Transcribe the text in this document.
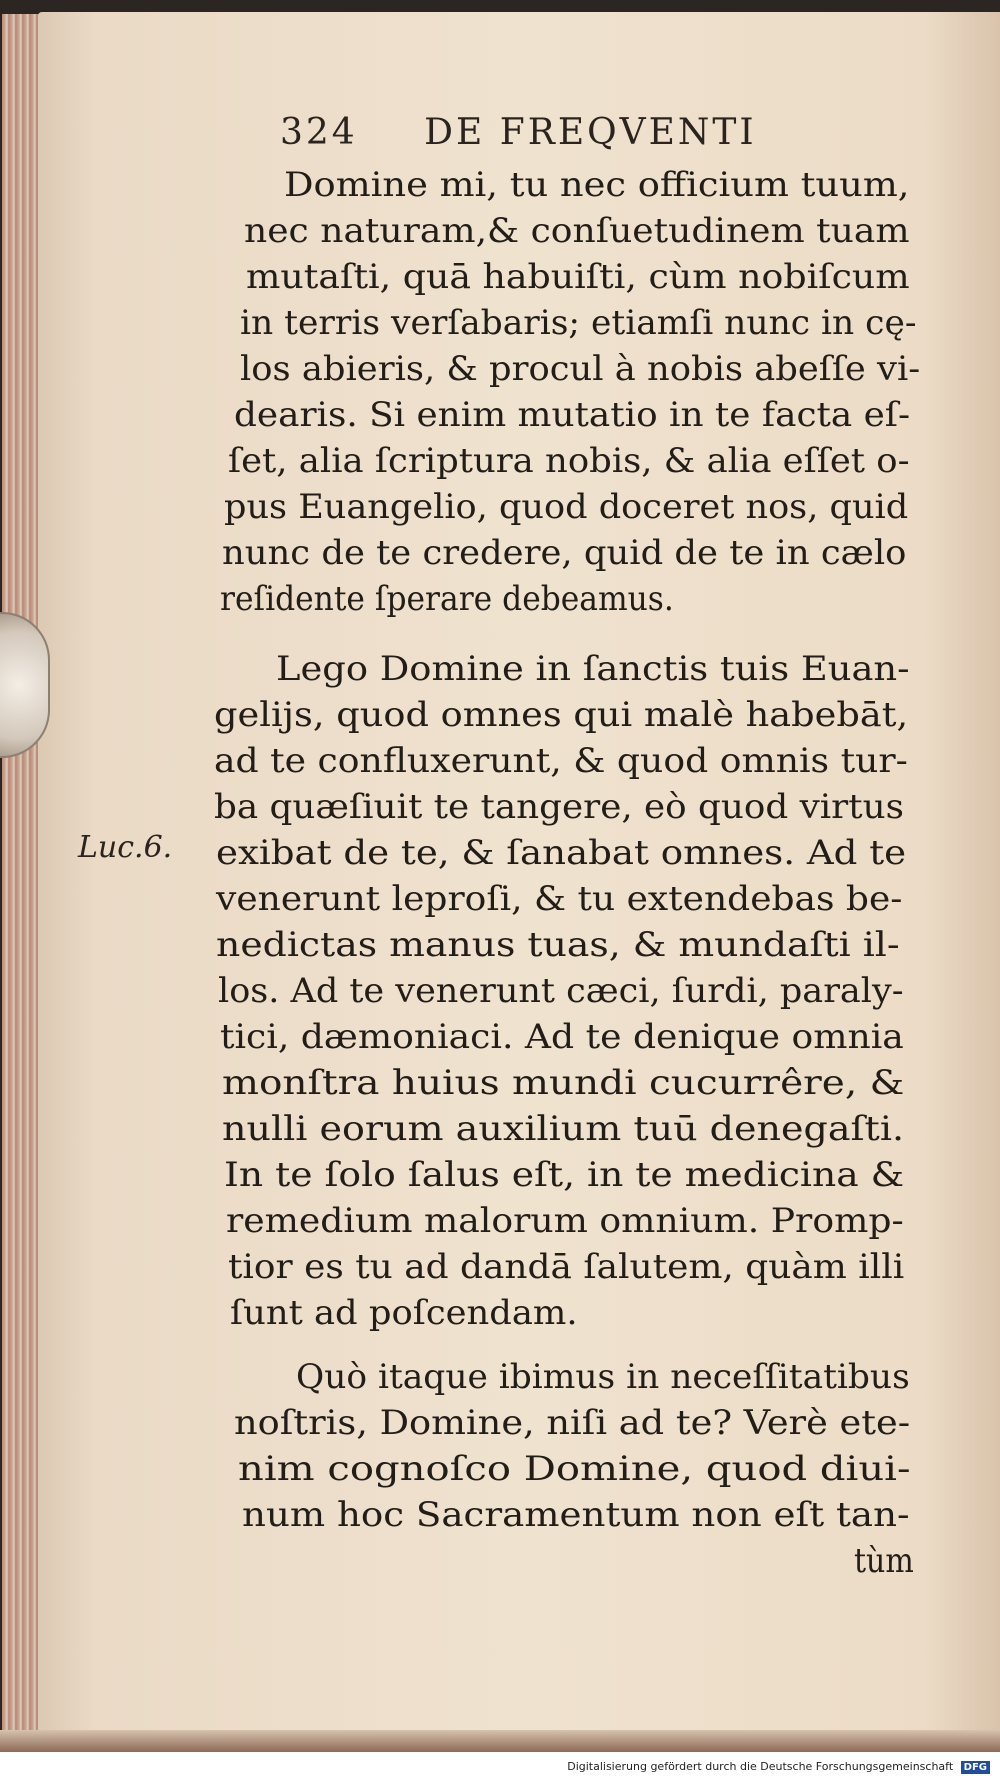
324 DE FREQVENTI
Luc.6.
Domine mi, tu nec officium tuum,
nec naturam,& conſuetudinem tuam
mutaſti, quā habuiſti, cùm nobiſcum
in terris verſabaris; etiamſi nunc in cę-
los abieris, & procul à nobis abeſſe vi-
dearis. Si enim mutatio in te facta eſ-
ſet, alia ſcriptura nobis, & alia eſſet o-
pus Euangelio, quod doceret nos, quid
nunc de te credere, quid de te in cælo
reſidente ſperare debeamus.
Lego Domine in ſanctis tuis Euan-
gelijs, quod omnes qui malè habebāt,
ad te confluxerunt, & quod omnis tur-
ba quæſiuit te tangere, eò quod virtus
exibat de te, & ſanabat omnes. Ad te
venerunt leproſi, & tu extendebas be-
nedictas manus tuas, & mundaſti il-
los. Ad te venerunt cæci, ſurdi, paraly-
tici, dæmoniaci. Ad te denique omnia
monſtra huius mundi cucurrêre, &
nulli eorum auxilium tuū denegaſti.
In te ſolo ſalus eſt, in te medicina &
remedium malorum omnium. Promp-
tior es tu ad dandā ſalutem, quàm illi
ſunt ad poſcendam.
Quò itaque ibimus in neceſſitatibus
noſtris, Domine, niſi ad te? Verè ete-
nim cognoſco Domine, quod diui-
num hoc Sacramentum non eſt tan-
tùm
Digitalisierung gefördert durch die Deutsche Forschungsgemeinschaft DFG
